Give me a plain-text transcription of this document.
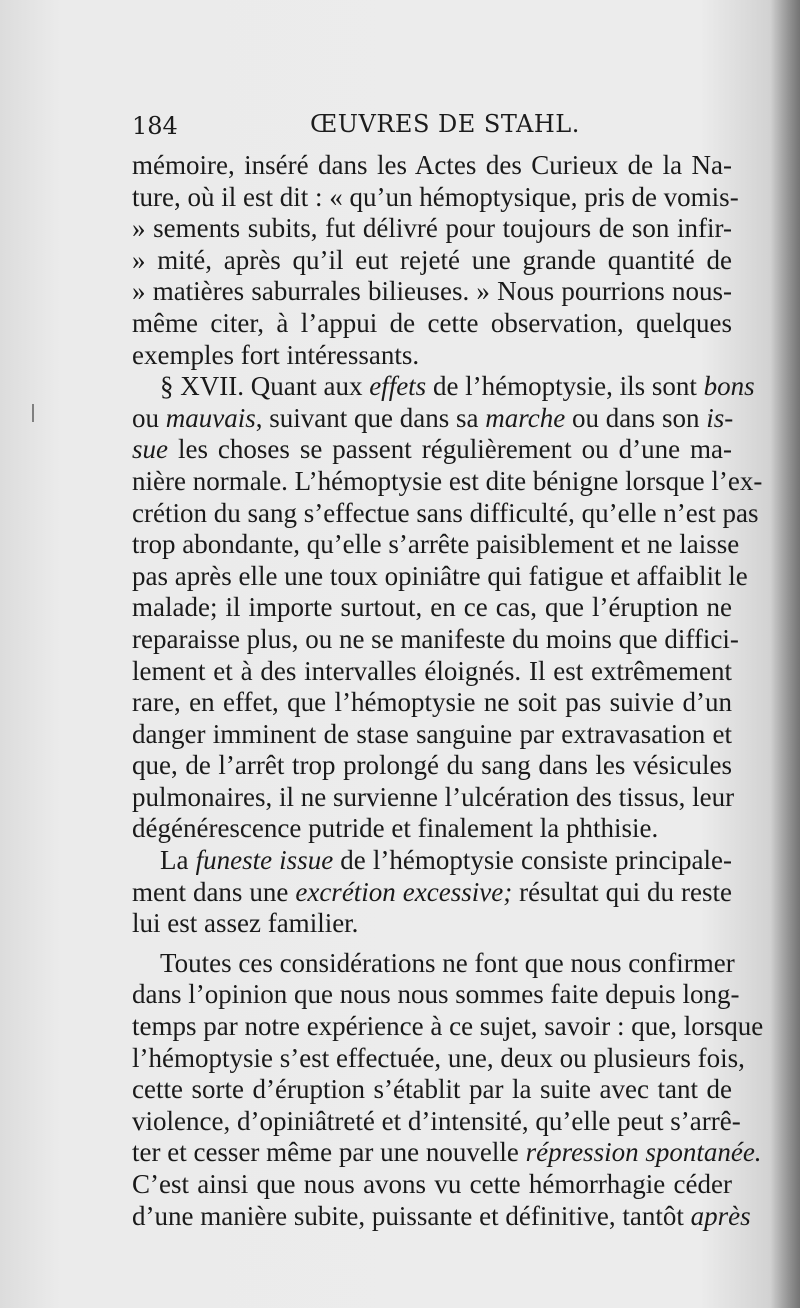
184	ŒUVRES DE STAHL.
mémoire, inséré dans les Actes des Curieux de la Na-
ture, où il est dit : « qu’un hémoptysique, pris de vomis-
» sements subits, fut délivré pour toujours de son infir-
» mité, après qu’il eut rejeté une grande quantité de
» matières saburrales bilieuses. » Nous pourrions nous-
même citer, à l’appui de cette observation, quelques
exemples fort intéressants.
§ XVII. Quant aux effets de l’hémoptysie, ils sont bons
ou mauvais, suivant que dans sa marche ou dans son is-
sue les choses se passent régulièrement ou d’une ma-
nière normale. L’hémoptysie est dite bénigne lorsque l’ex-
crétion du sang s’effectue sans difficulté, qu’elle n’est pas
trop abondante, qu’elle s’arrête paisiblement et ne laisse
pas après elle une toux opiniâtre qui fatigue et affaiblit le
malade; il importe surtout, en ce cas, que l’éruption ne
reparaisse plus, ou ne se manifeste du moins que diffici-
lement et à des intervalles éloignés. Il est extrêmement
rare, en effet, que l’hémoptysie ne soit pas suivie d’un
danger imminent de stase sanguine par extravasation et
que, de l’arrêt trop prolongé du sang dans les vésicules
pulmonaires, il ne survienne l’ulcération des tissus, leur
dégénérescence putride et finalement la phthisie.
La funeste issue de l’hémoptysie consiste principale-
ment dans une excrétion excessive; résultat qui du reste
lui est assez familier.
Toutes ces considérations ne font que nous confirmer
dans l’opinion que nous nous sommes faite depuis long-
temps par notre expérience à ce sujet, savoir : que, lorsque
l’hémoptysie s’est effectuée, une, deux ou plusieurs fois,
cette sorte d’éruption s’établit par la suite avec tant de
violence, d’opiniâtreté et d’intensité, qu’elle peut s’arrê-
ter et cesser même par une nouvelle répression spontanée.
C’est ainsi que nous avons vu cette hémorrhagie céder
d’une manière subite, puissante et définitive, tantôt après
